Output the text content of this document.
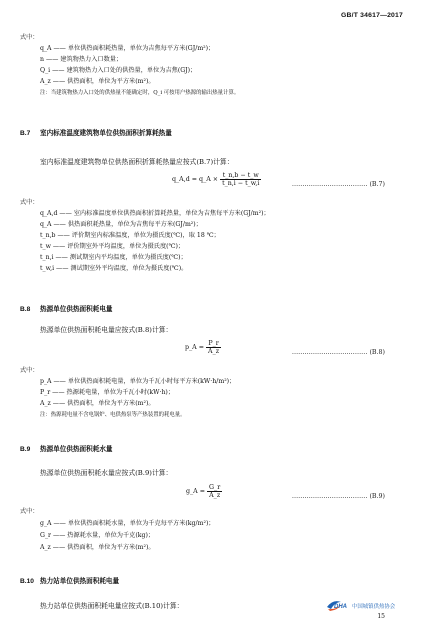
GB/T 34617—2017
式中：
q_A —— 单位供热面积耗热量，单位为吉焦每平方米(GJ/m²)；
n —— 建筑物热力入口数量；
Q_i —— 建筑物热力入口处的供热量，单位为吉焦(GJ)；
A_z —— 供热面积，单位为平方米(m²)。
注：当建筑物热力入口处的供热量不能确定时，Q_i 可按用户热源的输出热量计算。
B.7 室内标准温度建筑物单位供热面积折算耗热量
室内标准温度建筑物单位供热面积折算耗热量应按式(B.7)计算：
q_A,d = q_A × $\frac{t\_n,b - t\_w}{t\_n,i - t\_w,i}$	……………………………… (B.7)
式中：
q_A,d —— 室内标准温度单位供热面积折算耗热量，单位为吉焦每平方米(GJ/m²)；
q_A —— 供热面积耗热量，单位为吉焦每平方米(GJ/m²)；
t_n,b —— 评价期室内标准温度，单位为摄氏度(℃)，取 18 ℃；
t_w —— 评价期室外平均温度，单位为摄氏度(℃)；
t_n,i —— 测试期室内平均温度，单位为摄氏度(℃)；
t_w,i —— 测试期室外平均温度，单位为摄氏度(℃)。
B.8 热源单位供热面积耗电量
热源单位供热面积耗电量应按式(B.8)计算：
p_A = $\frac{P\_r}{A\_z}$	……………………………… (B.8)
式中：
p_A —— 单位供热面积耗电量，单位为千瓦小时每平方米(kW·h/m²)；
P_r —— 热源耗电量，单位为千瓦小时(kW·h)；
A_z —— 供热面积，单位为平方米(m²)。
注：热源耗电量不含电锅炉、电供热泵等产热装置的耗电量。
B.9 热源单位供热面积耗水量
热源单位供热面积耗水量应按式(B.9)计算：
g_A = $\frac{G\_r}{A\_z}$	……………………………… (B.9)
式中：
g_A —— 单位供热面积耗水量，单位为千克每平方米(kg/m²)；
G_r —— 热源耗水量，单位为千克(kg)；
A_z —— 供热面积，单位为平方米(m²)。
B.10 热力站单位供热面积耗电量
热力站单位供热面积耗电量应按式(B.10)计算：	DHA 中国城镇供热协会
15
